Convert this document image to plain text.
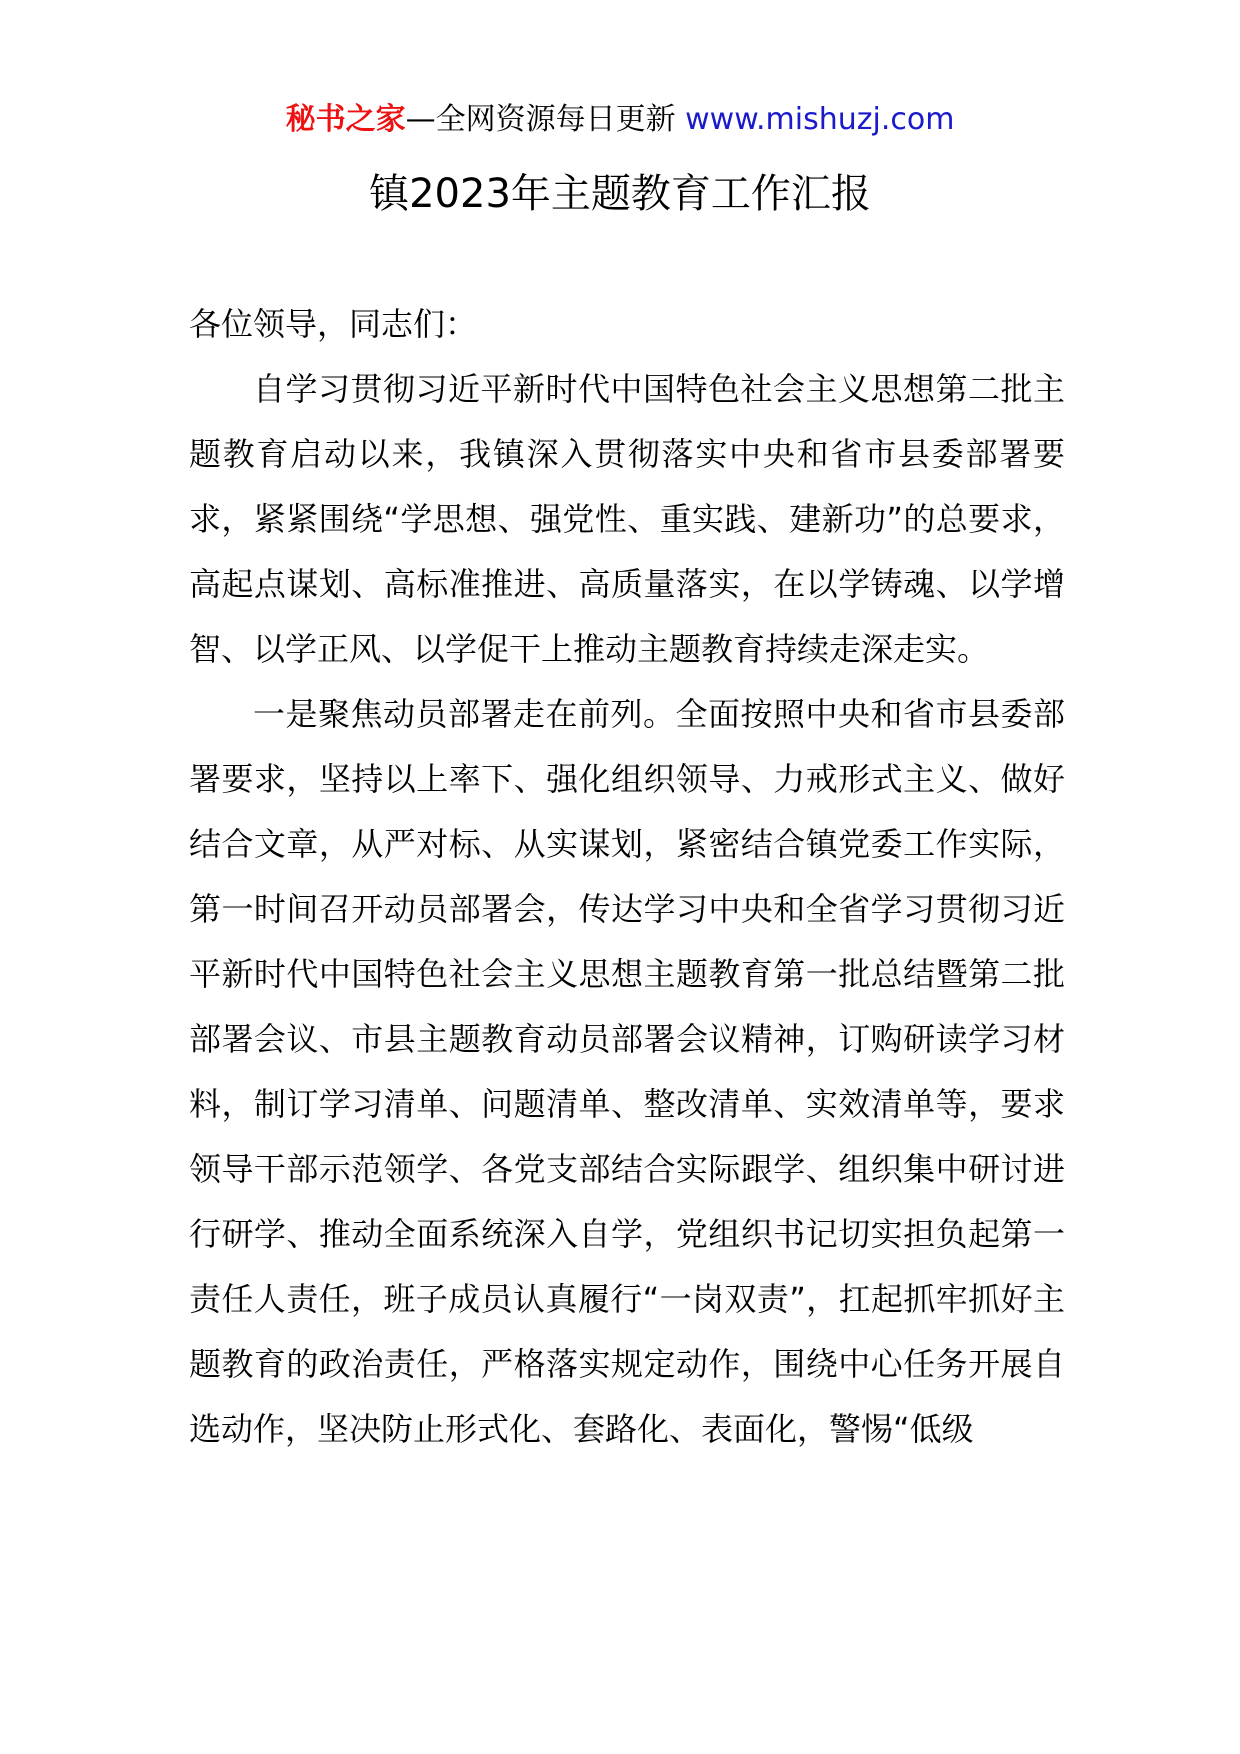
秘书之家—全网资源每日更新 www.mishuzj.com
镇2023年主题教育工作汇报

各位领导，同志们：

自学习贯彻习近平新时代中国特色社会主义思想第二批主题教育启动以来，我镇深入贯彻落实中央和省市县委部署要求，紧紧围绕“学思想、强党性、重实践、建新功”的总要求，高起点谋划、高标准推进、高质量落实，在以学铸魂、以学增智、以学正风、以学促干上推动主题教育持续走深走实。

一是聚焦动员部署走在前列。全面按照中央和省市县委部署要求，坚持以上率下、强化组织领导、力戒形式主义、做好结合文章，从严对标、从实谋划，紧密结合镇党委工作实际，第一时间召开动员部署会，传达学习中央和全省学习贯彻习近平新时代中国特色社会主义思想主题教育第一批总结暨第二批部署会议、市县主题教育动员部署会议精神，订购研读学习材料，制订学习清单、问题清单、整改清单、实效清单等，要求领导干部示范领学、各党支部结合实际跟学、组织集中研讨进行研学、推动全面系统深入自学，党组织书记切实担负起第一责任人责任，班子成员认真履行“一岗双责”，扛起抓牢抓好主题教育的政治责任，严格落实规定动作，围绕中心任务开展自选动作，坚决防止形式化、套路化、表面化，警惕“低级
